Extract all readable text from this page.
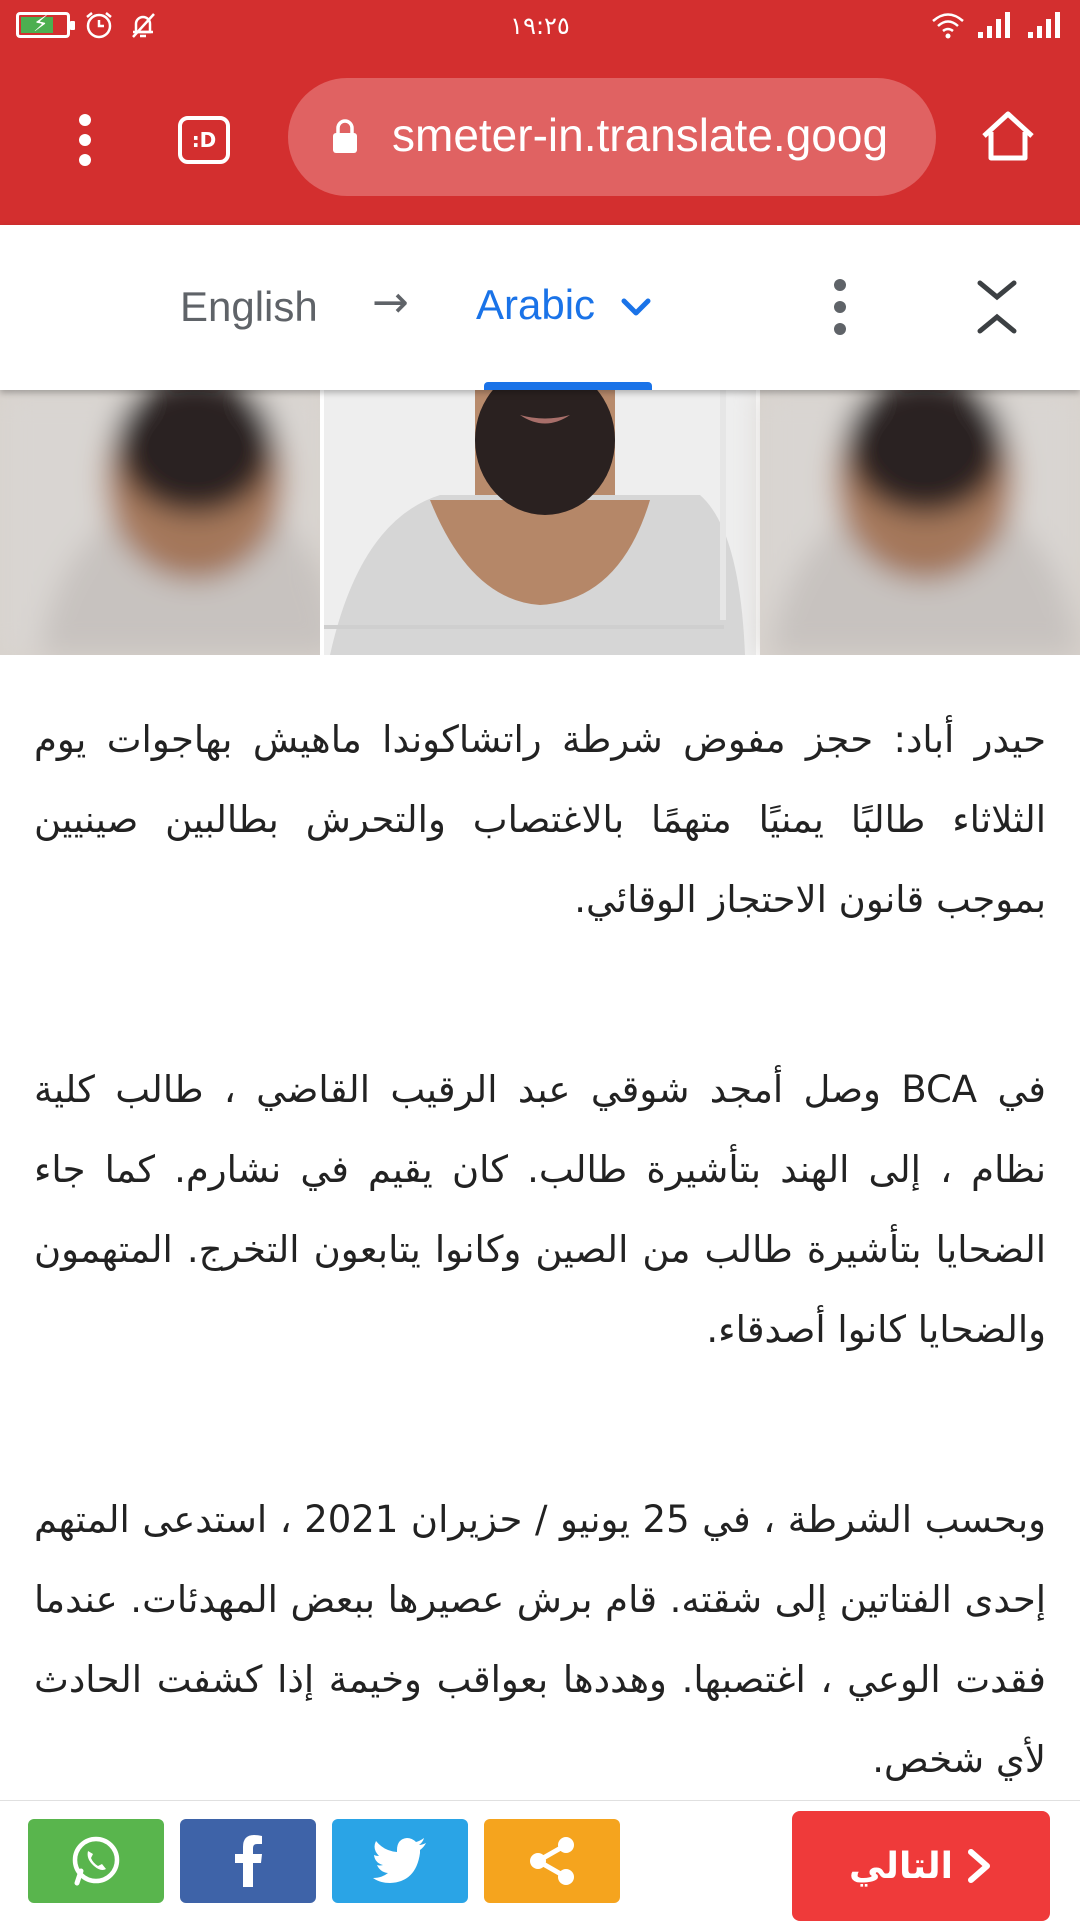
⚡	١٩:٢٥
:D	smeter-in.translate.goog
English → Arabic

حيدر أباد: حجز مفوض شرطة راتشاكوندا ماهيش بهاجوات يوم الثلاثاء طالبًا يمنيًا متهمًا بالاغتصاب والتحرش بطالبين صينيين بموجب قانون الاحتجاز الوقائي.

في BCA وصل أمجد شوقي عبد الرقيب القاضي ، طالب كلية نظام ، إلى الهند بتأشيرة طالب. كان يقيم في نشارم. كما جاء الضحايا بتأشيرة طالب من الصين وكانوا يتابعون التخرج. المتهمون والضحايا كانوا أصدقاء.

وبحسب الشرطة ، في 25 يونيو / حزيران 2021 ، استدعى المتهم إحدى الفتاتين إلى شقته. قام برش عصيرها ببعض المهدئات. عندما فقدت الوعي ، اغتصبها. وهددها بعواقب وخيمة إذا كشفت الحادث لأي شخص.

التالي
